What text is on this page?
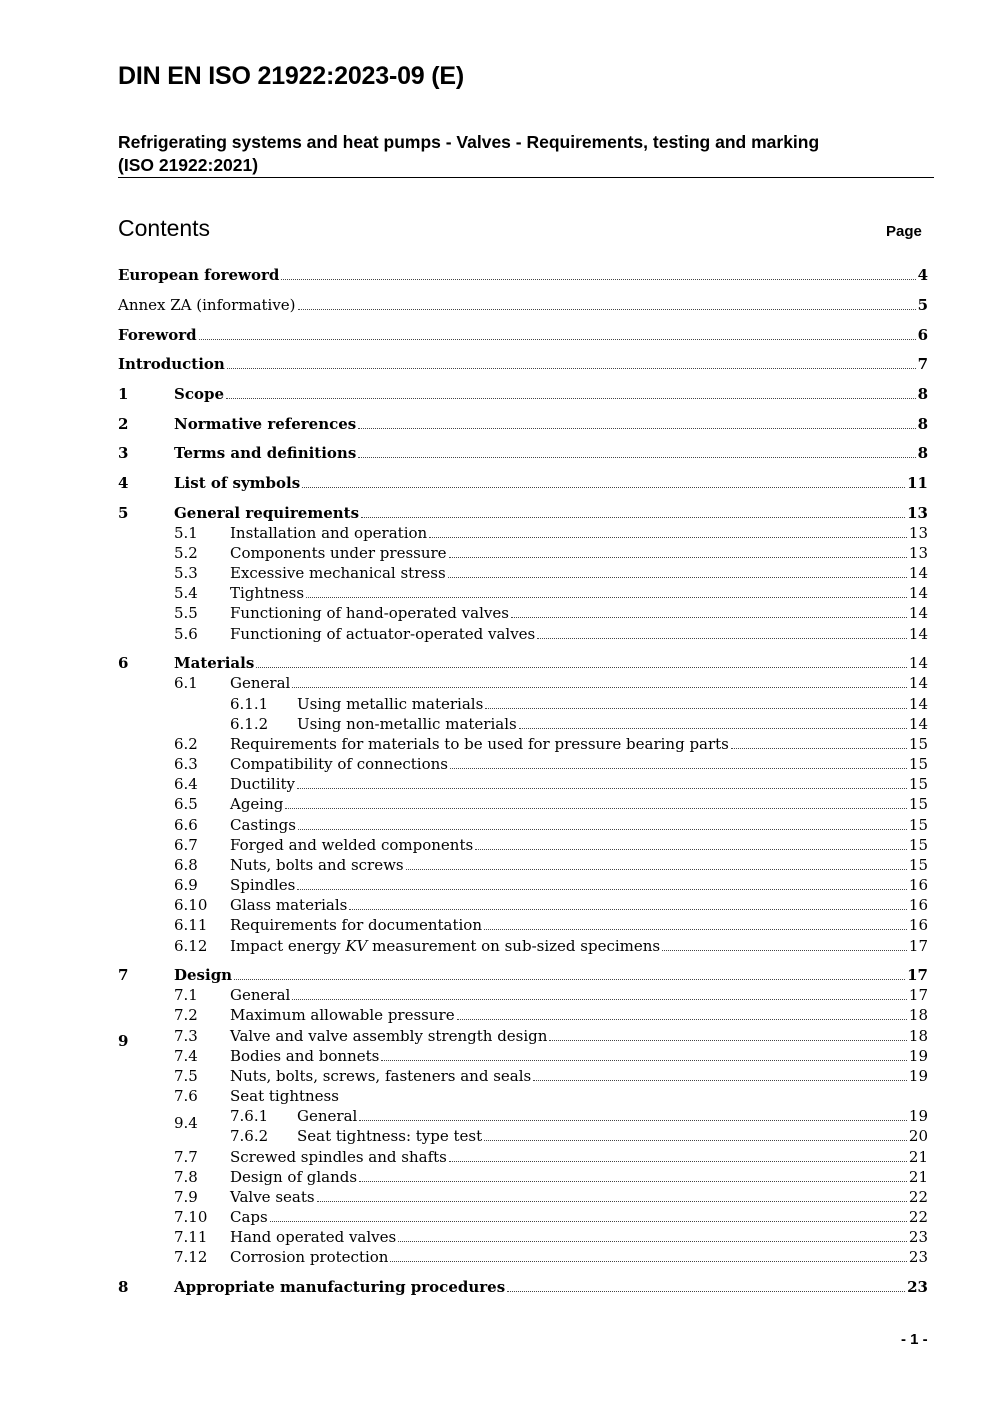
DIN EN ISO 21922:2023-09 (E)
Refrigerating systems and heat pumps - Valves - Requirements, testing and marking
(ISO 21922:2021)
Contents	Page
European foreword	4
Annex ZA (informative)	5
Foreword	6
Introduction	7
1	Scope	8
2	Normative references	8
3	Terms and definitions	8
4	List of symbols	11
5	General requirements	13
5.1 Installation and operation	13
5.2 Components under pressure	13
5.3 Excessive mechanical stress	14
5.4 Tightness	14
5.5 Functioning of hand-operated valves	14
5.6 Functioning of actuator-operated valves	14
6	Materials	14
6.1 General	14
6.1.1 Using metallic materials	14
6.1.2 Using non-metallic materials	14
6.2 Requirements for materials to be used for pressure bearing parts	15
6.3 Compatibility of connections	15
6.4 Ductility	15
6.5 Ageing	15
6.6 Castings	15
6.7 Forged and welded components	15
6.8 Nuts, bolts and screws	15
6.9 Spindles	16
6.10 Glass materials	16
6.11 Requirements for documentation	16
6.12 Impact energy KV measurement on sub-sized specimens	17
7	Design	17
7.1 General	17
7.2 Maximum allowable pressure	18
7.3 Valve and valve assembly strength design	18
7.4 Bodies and bonnets	19
7.5 Nuts, bolts, screws, fasteners and seals	19
7.6 Seat tightness
7.6.1 General	19
7.6.2 Seat tightness: type test	20
7.7 Screwed spindles and shafts	21
7.8 Design of glands	21
7.9 Valve seats	22
7.10 Caps	22
7.11 Hand operated valves	23
7.12 Corrosion protection	23
8	Appropriate manufacturing procedures	23
9
9.4
- 1 -
